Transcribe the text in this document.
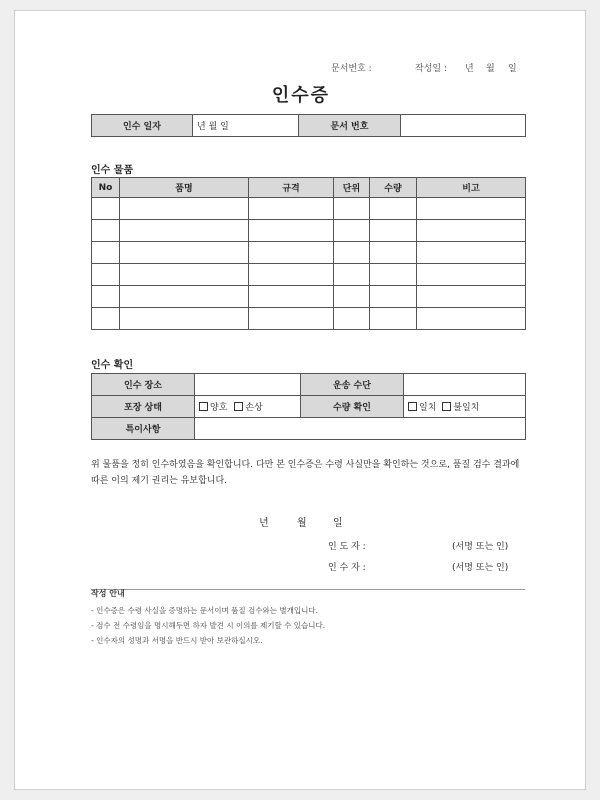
문서번호 :	작성일 : 년 월 일
인수증
인수 일자	년 월 일	문서 번호	
인수 물품
No	품명	규격	단위	수량	비고

인수 확인
인수 장소		운송 수단	
포장 상태	양호 손상	수량 확인	일치 불일치
특이사항			
위 물품을 정히 인수하였음을 확인합니다. 다만 본 인수증은 수령 사실만을 확인하는 것으로, 품질 검수 결과에
따른 이의 제기 권리는 유보합니다.
년	월	일
인 도 자 :	(서명 또는 인)
인 수 자 :	(서명 또는 인)
작성 안내
- 인수증은 수령 사실을 증명하는 문서이며 품질 검수와는 별개입니다.
- 검수 전 수령임을 명시해두면 하자 발견 시 이의를 제기할 수 있습니다.
- 인수자의 성명과 서명을 반드시 받아 보관하십시오.
